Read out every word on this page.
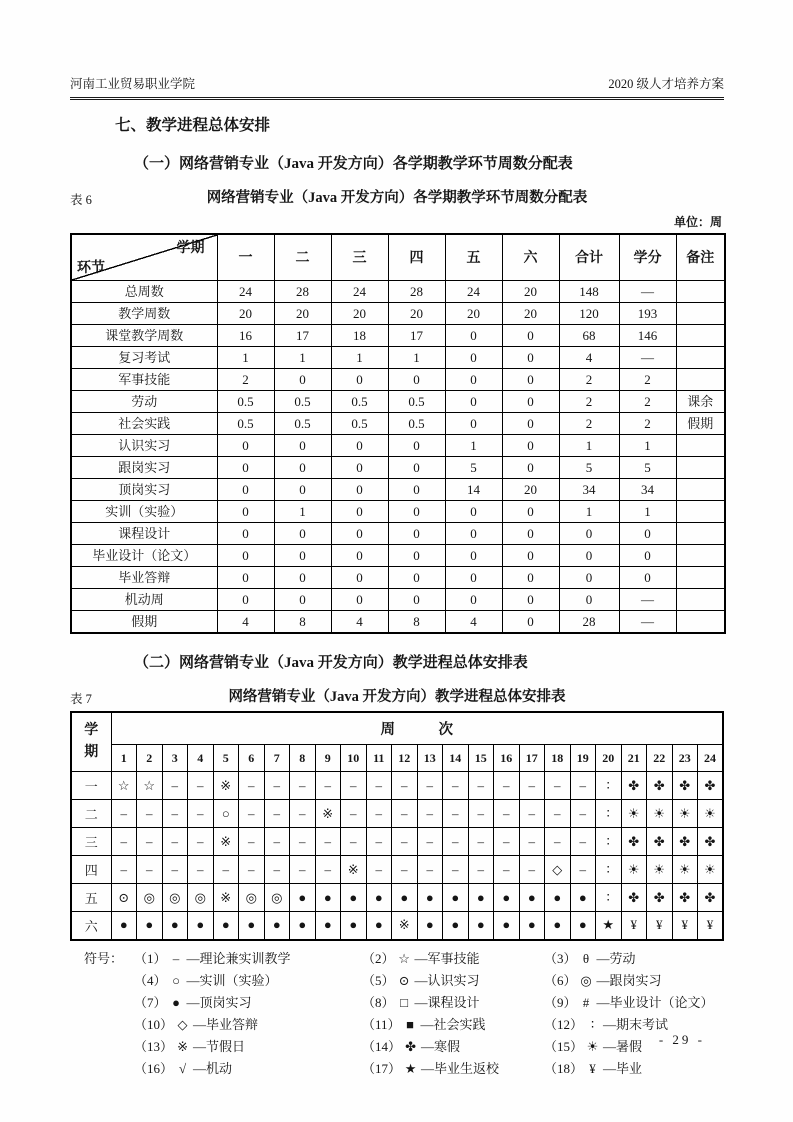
河南工业贸易职业学院	2020 级人才培养方案
七、教学进程总体安排
（一）网络营销专业（Java 开发方向）各学期教学环节周数分配表
表 6	网络营销专业（Java 开发方向）各学期教学环节周数分配表
单位：周
学期
环节	一	二	三	四	五	六	合计	学分	备注
总周数	24	28	24	28	24	20	148	—	
教学周数	20	20	20	20	20	20	120	193	
课堂教学周数	16	17	18	17	0	0	68	146	
复习考试	1	1	1	1	0	0	4	—	
军事技能	2	0	0	0	0	0	2	2	
劳动	0.5	0.5	0.5	0.5	0	0	2	2	课余
社会实践	0.5	0.5	0.5	0.5	0	0	2	2	假期
认识实习	0	0	0	0	1	0	1	1	
跟岗实习	0	0	0	0	5	0	5	5	
顶岗实习	0	0	0	0	14	20	34	34	
实训（实验）	0	1	0	0	0	0	1	1	
课程设计	0	0	0	0	0	0	0	0	
毕业设计（论文）	0	0	0	0	0	0	0	0	
毕业答辩	0	0	0	0	0	0	0	0	
机动周	0	0	0	0	0	0	0	—	
假期	4	8	4	8	4	0	28	—	
（二）网络营销专业（Java 开发方向）教学进程总体安排表
表 7	网络营销专业（Java 开发方向）教学进程总体安排表
学期	周　　　次																							
	1	2	3	4	5	6	7	8	9	10	11	12	13	14	15	16	17	18	19	20	21	22	23	24
一	☆	☆	–	–	※	–	–	–	–	–	–	–	–	–	–	–	–	–	–	∶	✤	✤	✤	✤
二	–	–	–	–	○	–	–	–	※	–	–	–	–	–	–	–	–	–	–	∶	☀	☀	☀	☀
三	–	–	–	–	※	–	–	–	–	–	–	–	–	–	–	–	–	–	–	∶	✤	✤	✤	✤
四	–	–	–	–	–	–	–	–	–	※	–	–	–	–	–	–	–	◇	–	∶	☀	☀	☀	☀
五	⊙	◎	◎	◎	※	◎	◎	●	●	●	●	●	●	●	●	●	●	●	●	∶	✤	✤	✤	✤
六	●	●	●	●	●	●	●	●	●	●	●	※	●	●	●	●	●	●	●	★	¥	¥	¥	¥
符号： （1） – —理论兼实训教学	（2） ☆ —军事技能	（3） θ —劳动
（4） ○ —实训（实验）	（5） ⊙ —认识实习	（6） ◎ —跟岗实习
（7） ● —顶岗实习	（8） □ —课程设计	（9） # —毕业设计（论文）
（10） ◇ —毕业答辩	（11） ■ —社会实践	（12） ∶ —期末考试
（13） ※ —节假日	（14） ✤ —寒假	（15） ☀ —暑假
（16） √ —机动	（17） ★ —毕业生返校	（18） ¥ —毕业
- 29 -
